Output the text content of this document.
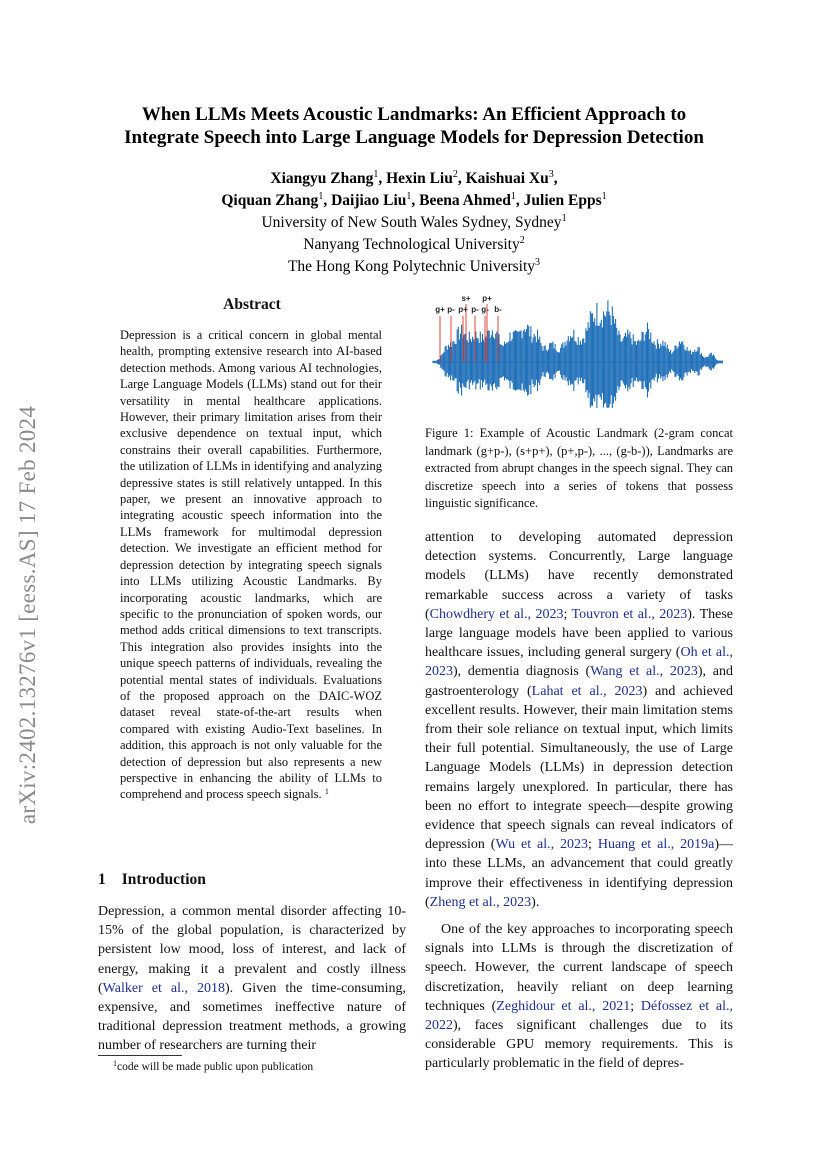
arXiv:2402.13276v1 [eess.AS] 17 Feb 2024
When LLMs Meets Acoustic Landmarks: An Efficient Approach to
Integrate Speech into Large Language Models for Depression Detection
Xiangyu Zhang$^1$, Hexin Liu$^2$, Kaishuai Xu$^3$,
Qiquan Zhang$^1$, Daijiao Liu$^1$, Beena Ahmed$^1$, Julien Epps$^1$
University of New South Wales Sydney, Sydney$^1$
Nanyang Technological University$^2$
The Hong Kong Polytechnic University$^3$
Abstract
Depression is a critical concern in global mental health, prompting extensive research into AI-based detection methods. Among various AI technologies, Large Language Models (LLMs) stand out for their versatility in mental healthcare applications. However, their primary limitation arises from their exclusive dependence on textual input, which constrains their overall capabilities. Furthermore, the utilization of LLMs in identifying and analyzing depressive states is still relatively untapped. In this paper, we present an innovative approach to integrating acoustic speech information into the LLMs framework for multimodal depression detection. We investigate an efficient method for depression detection by integrating speech signals into LLMs utilizing Acoustic Landmarks. By incorporating acoustic landmarks, which are specific to the pronunciation of spoken words, our method adds critical dimensions to text transcripts. This integration also provides insights into the unique speech patterns of individuals, revealing the potential mental states of individuals. Evaluations of the proposed approach on the DAIC-WOZ dataset reveal state-of-the-art results when compared with existing Audio-Text baselines. In addition, this approach is not only valuable for the detection of depression but also represents a new perspective in enhancing the ability of LLMs to comprehend and process speech signals. $^1$
1 Introduction

Depression, a common mental disorder affecting 10-15% of the global population, is characterized by persistent low mood, loss of interest, and lack of energy, making it a prevalent and costly illness (Walker et al., 2018). Given the time-consuming, expensive, and sometimes ineffective nature of traditional depression treatment methods, a growing number of researchers are turning their

$^1$code will be made public upon publication
g+ p- p+ p- g- b-
s+ p+
Figure 1: Example of Acoustic Landmark (2-gram concat landmark (g+p-), (s+p+), (p+,p-), ..., (g-b-)), Landmarks are extracted from abrupt changes in the speech signal. They can discretize speech into a series of tokens that possess linguistic significance.

attention to developing automated depression detection systems. Concurrently, Large language models (LLMs) have recently demonstrated remarkable success across a variety of tasks (Chowdhery et al., 2023; Touvron et al., 2023). These large language models have been applied to various healthcare issues, including general surgery (Oh et al., 2023), dementia diagnosis (Wang et al., 2023), and gastroenterology (Lahat et al., 2023) and achieved excellent results. However, their main limitation stems from their sole reliance on textual input, which limits their full potential. Simultaneously, the use of Large Language Models (LLMs) in depression detection remains largely unexplored. In particular, there has been no effort to integrate speech—despite growing evidence that speech signals can reveal indicators of depression (Wu et al., 2023; Huang et al., 2019a)—into these LLMs, an advancement that could greatly improve their effectiveness in identifying depression (Zheng et al., 2023).

One of the key approaches to incorporating speech signals into LLMs is through the discretization of speech. However, the current landscape of speech discretization, heavily reliant on deep learning techniques (Zeghidour et al., 2021; Défossez et al., 2022), faces significant challenges due to its considerable GPU memory requirements. This is particularly problematic in the field of depres-
